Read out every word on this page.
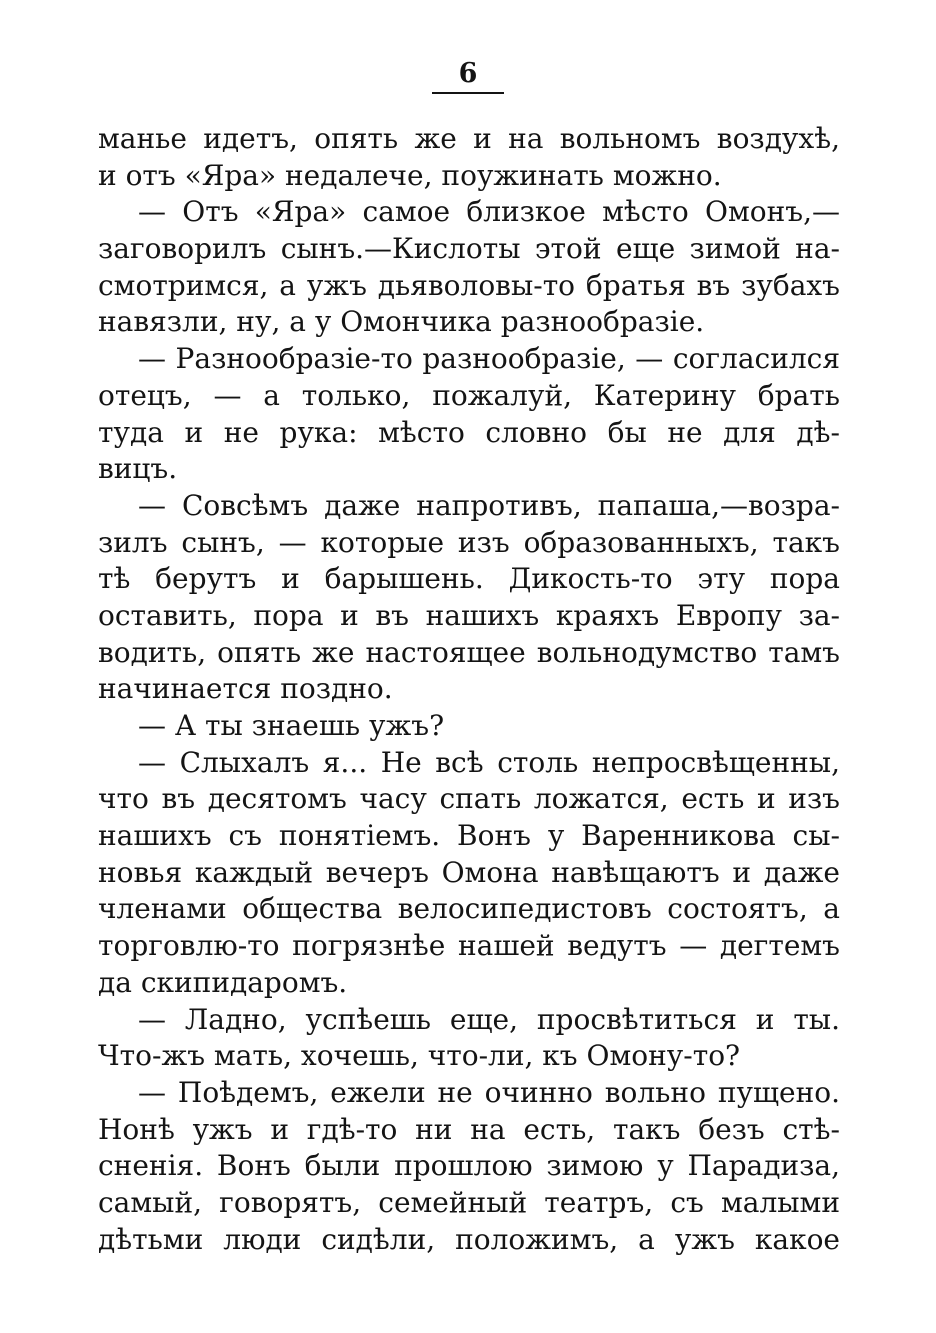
6
манье идетъ, опять же и на вольномъ воздухѣ,
и отъ «Яра» недалече, поужинать можно.
— Отъ «Яра» самое близкое мѣсто Омонъ,—
заговорилъ сынъ.—Кислоты этой еще зимой на-
смотримся, а ужъ дьяволовы-то братья въ зубахъ
навязли, ну, а у Омончика разнообразіе.
— Разнообразіе-то разнообразіе, — согласился
отецъ, — а только, пожалуй, Катерину брать
туда и не рука: мѣсто словно бы не для дѣ-
вицъ.
— Совсѣмъ даже напротивъ, папаша,—возра-
зилъ сынъ, — которые изъ образованныхъ, такъ
тѣ берутъ и барышень. Дикость-то эту пора
оставить, пора и въ нашихъ краяхъ Европу за-
водить, опять же настоящее вольнодумство тамъ
начинается поздно.
— А ты знаешь ужъ?
— Слыхалъ я... Не всѣ столь непросвѣщенны,
что въ десятомъ часу спать ложатся, есть и изъ
нашихъ съ понятіемъ. Вонъ у Варенникова сы-
новья каждый вечеръ Омона навѣщаютъ и даже
членами общества велосипедистовъ состоятъ, а
торговлю-то погрязнѣе нашей ведутъ — дегтемъ
да скипидаромъ.
— Ладно, успѣешь еще, просвѣтиться и ты.
Что-жъ мать, хочешь, что-ли, къ Омону-то?
— Поѣдемъ, ежели не очинно вольно пущено.
Нонѣ ужъ и гдѣ-то ни на есть, такъ безъ стѣ-
сненія. Вонъ были прошлою зимою у Парадиза,
самый, говорятъ, семейный театръ, съ малыми
дѣтьми люди сидѣли, положимъ, а ужъ какое
